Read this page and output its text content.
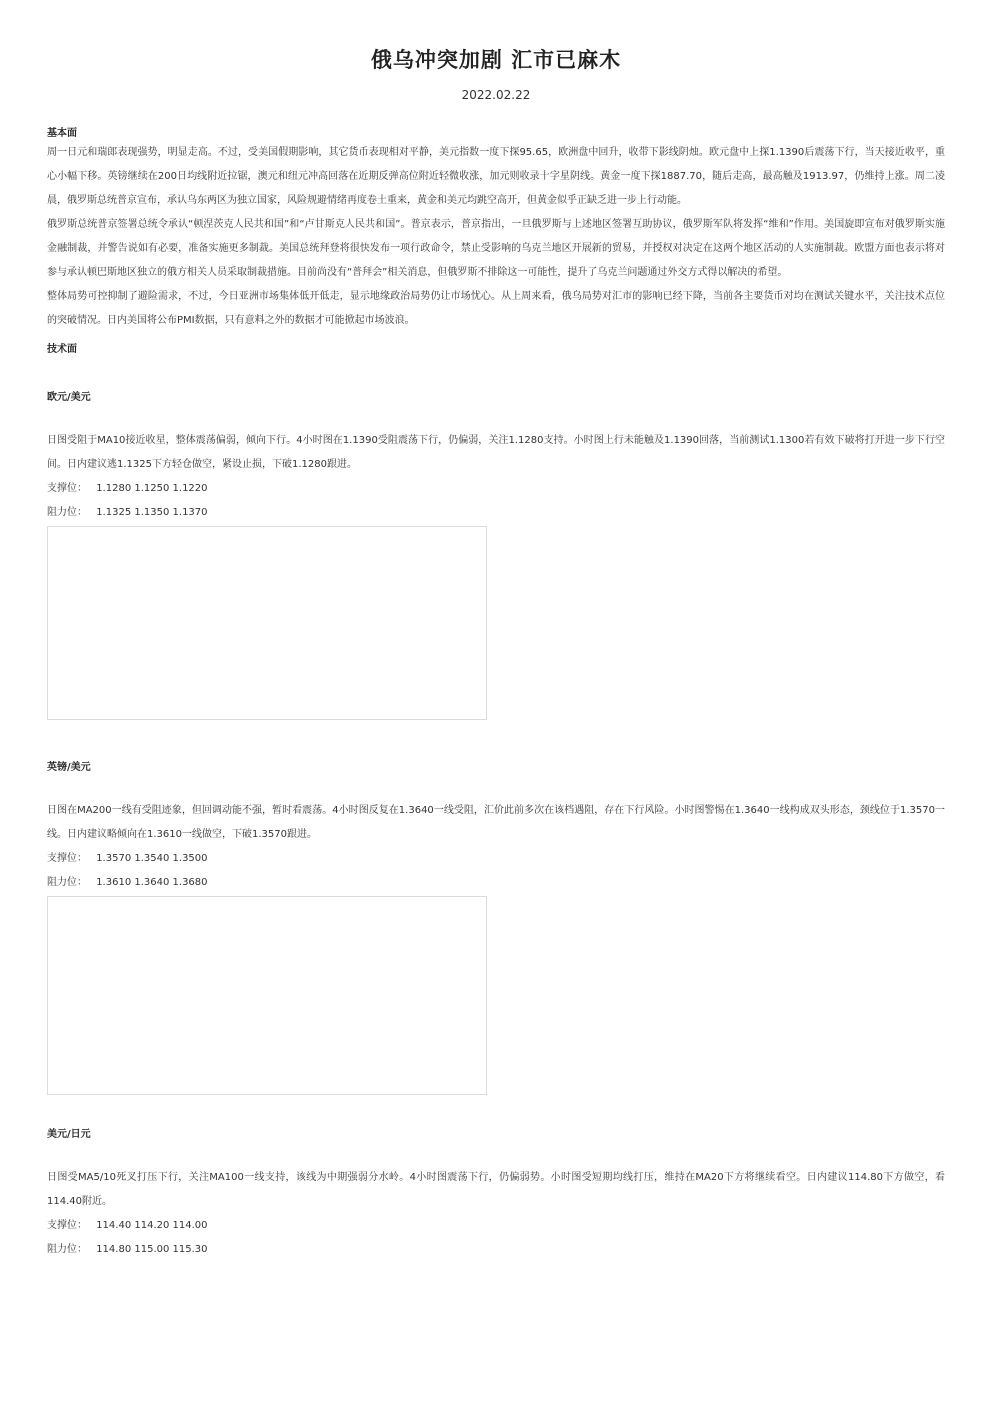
俄乌冲突加剧 汇市已麻木
2022.02.22
基本面

周一日元和瑞郎表现强势，明显走高。不过，受美国假期影响，其它货币表现相对平静，美元指数一度下探95.65，欧洲盘中回升，收带下影线阴烛。欧元盘中上探1.1390后震荡下行，当天接近收平，重心小幅下移。英镑继续在200日均线附近拉锯，澳元和纽元冲高回落在近期反弹高位附近轻微收涨，加元则收录十字星阴线。黄金一度下探1887.70，随后走高，最高触及1913.97，仍维持上涨。周二凌晨，俄罗斯总统普京宣布，承认乌东两区为独立国家，风险规避情绪再度卷土重来，黄金和美元均跳空高开，但黄金似乎正缺乏进一步上行动能。

俄罗斯总统普京签署总统令承认“顿涅茨克人民共和国”和“卢甘斯克人民共和国”。普京表示，普京指出，一旦俄罗斯与上述地区签署互助协议，俄罗斯军队将发挥“维和”作用。美国旋即宣布对俄罗斯实施金融制裁，并警告说如有必要，准备实施更多制裁。美国总统拜登将很快发布一项行政命令，禁止受影响的乌克兰地区开展新的贸易，并授权对决定在这两个地区活动的人实施制裁。欧盟方面也表示将对参与承认顿巴斯地区独立的俄方相关人员采取制裁措施。目前尚没有“普拜会”相关消息，但俄罗斯不排除这一可能性，提升了乌克兰问题通过外交方式得以解决的希望。

整体局势可控抑制了避险需求，不过，今日亚洲市场集体低开低走，显示地缘政治局势仍让市场忧心。从上周来看，俄乌局势对汇市的影响已经下降，当前各主要货币对均在测试关键水平，关注技术点位的突破情况。日内美国将公布PMI数据，只有意料之外的数据才可能掀起市场波浪。

技术面
欧元/美元

日图受阻于MA10接近收星，整体震荡偏弱，倾向下行。4小时图在1.1390受阻震荡下行，仍偏弱，关注1.1280支持。小时图上行未能触及1.1390回落，当前测试1.1300若有效下破将打开进一步下行空间。日内建议逃1.1325下方轻仓做空，紧设止损，下破1.1280跟进。

支撑位： 1.1280 1.1250 1.1220
阻力位： 1.1325 1.1350 1.1370
英镑/美元

日图在MA200一线有受阻迹象，但回调动能不强，暂时看震荡。4小时图反复在1.3640一线受阻，汇价此前多次在该档遇阻，存在下行风险。小时图警惕在1.3640一线构成双头形态，颈线位于1.3570一线。日内建议略倾向在1.3610一线做空，下破1.3570跟进。

支撑位： 1.3570 1.3540 1.3500
阻力位： 1.3610 1.3640 1.3680
美元/日元

日图受MA5/10死叉打压下行，关注MA100一线支持，该线为中期强弱分水岭。4小时图震荡下行，仍偏弱势。小时图受短期均线打压，维持在MA20下方将继续看空。日内建议114.80下方做空，看114.40附近。

支撑位： 114.40 114.20 114.00
阻力位： 114.80 115.00 115.30
